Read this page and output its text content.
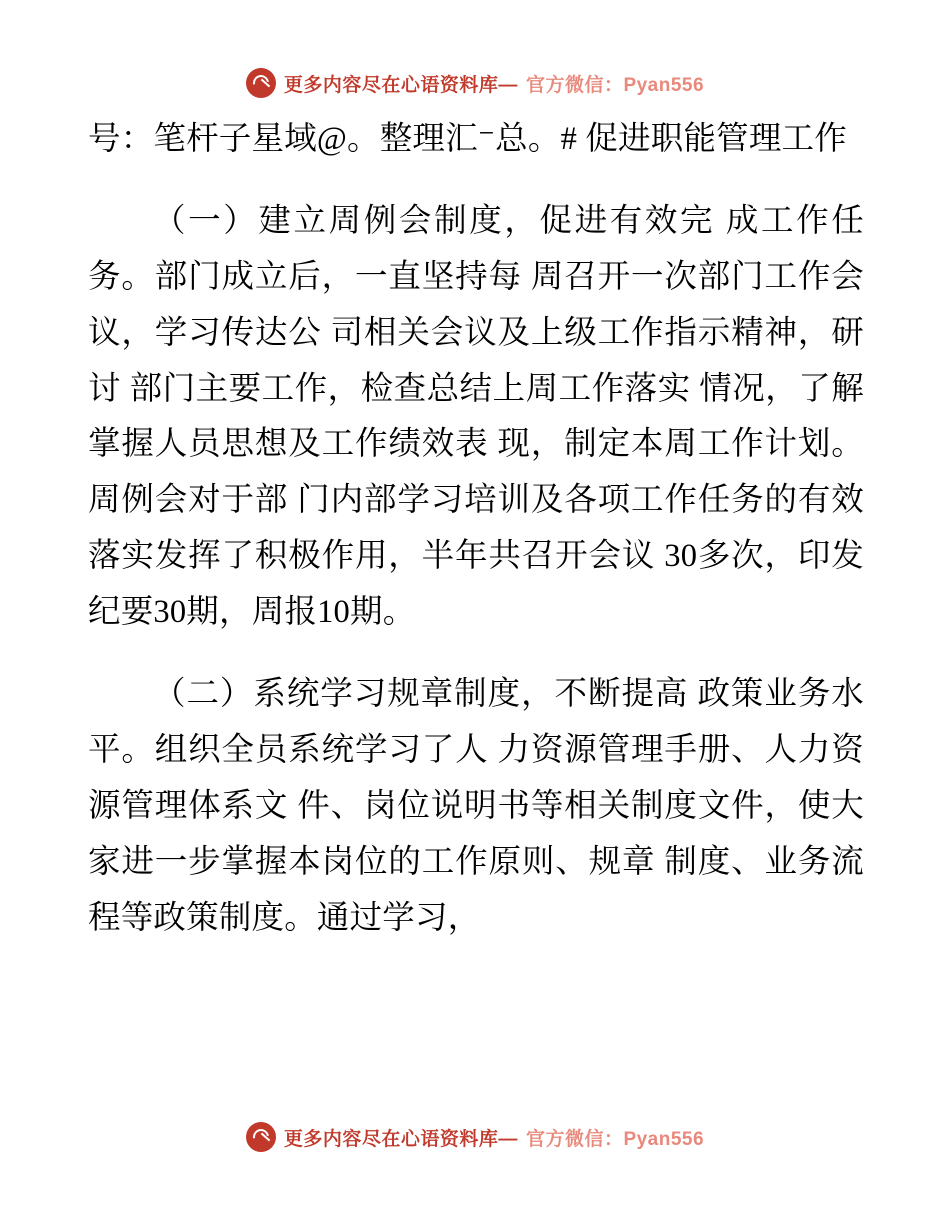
更多内容尽在心语资料库— 官方微信：Pyan556

号：笔杆子星域@。整理汇⁻总。# 促进职能管理工作

（一）建立周例会制度，促进有效完 成工作任务。部门成立后，一直坚持每 周召开一次部门工作会议，学习传达公 司相关会议及上级工作指示精神，研讨 部门主要工作，检查总结上周工作落实 情况，了解掌握人员思想及工作绩效表 现，制定本周工作计划。周例会对于部 门内部学习培训及各项工作任务的有效 落实发挥了积极作用，半年共召开会议 30多次，印发纪要30期，周报10期。

（二）系统学习规章制度，不断提高 政策业务水平。组织全员系统学习了人 力资源管理手册、人力资源管理体系文 件、岗位说明书等相关制度文件，使大 家进一步掌握本岗位的工作原则、规章 制度、业务流程等政策制度。通过学习，

更多内容尽在心语资料库— 官方微信：Pyan556
